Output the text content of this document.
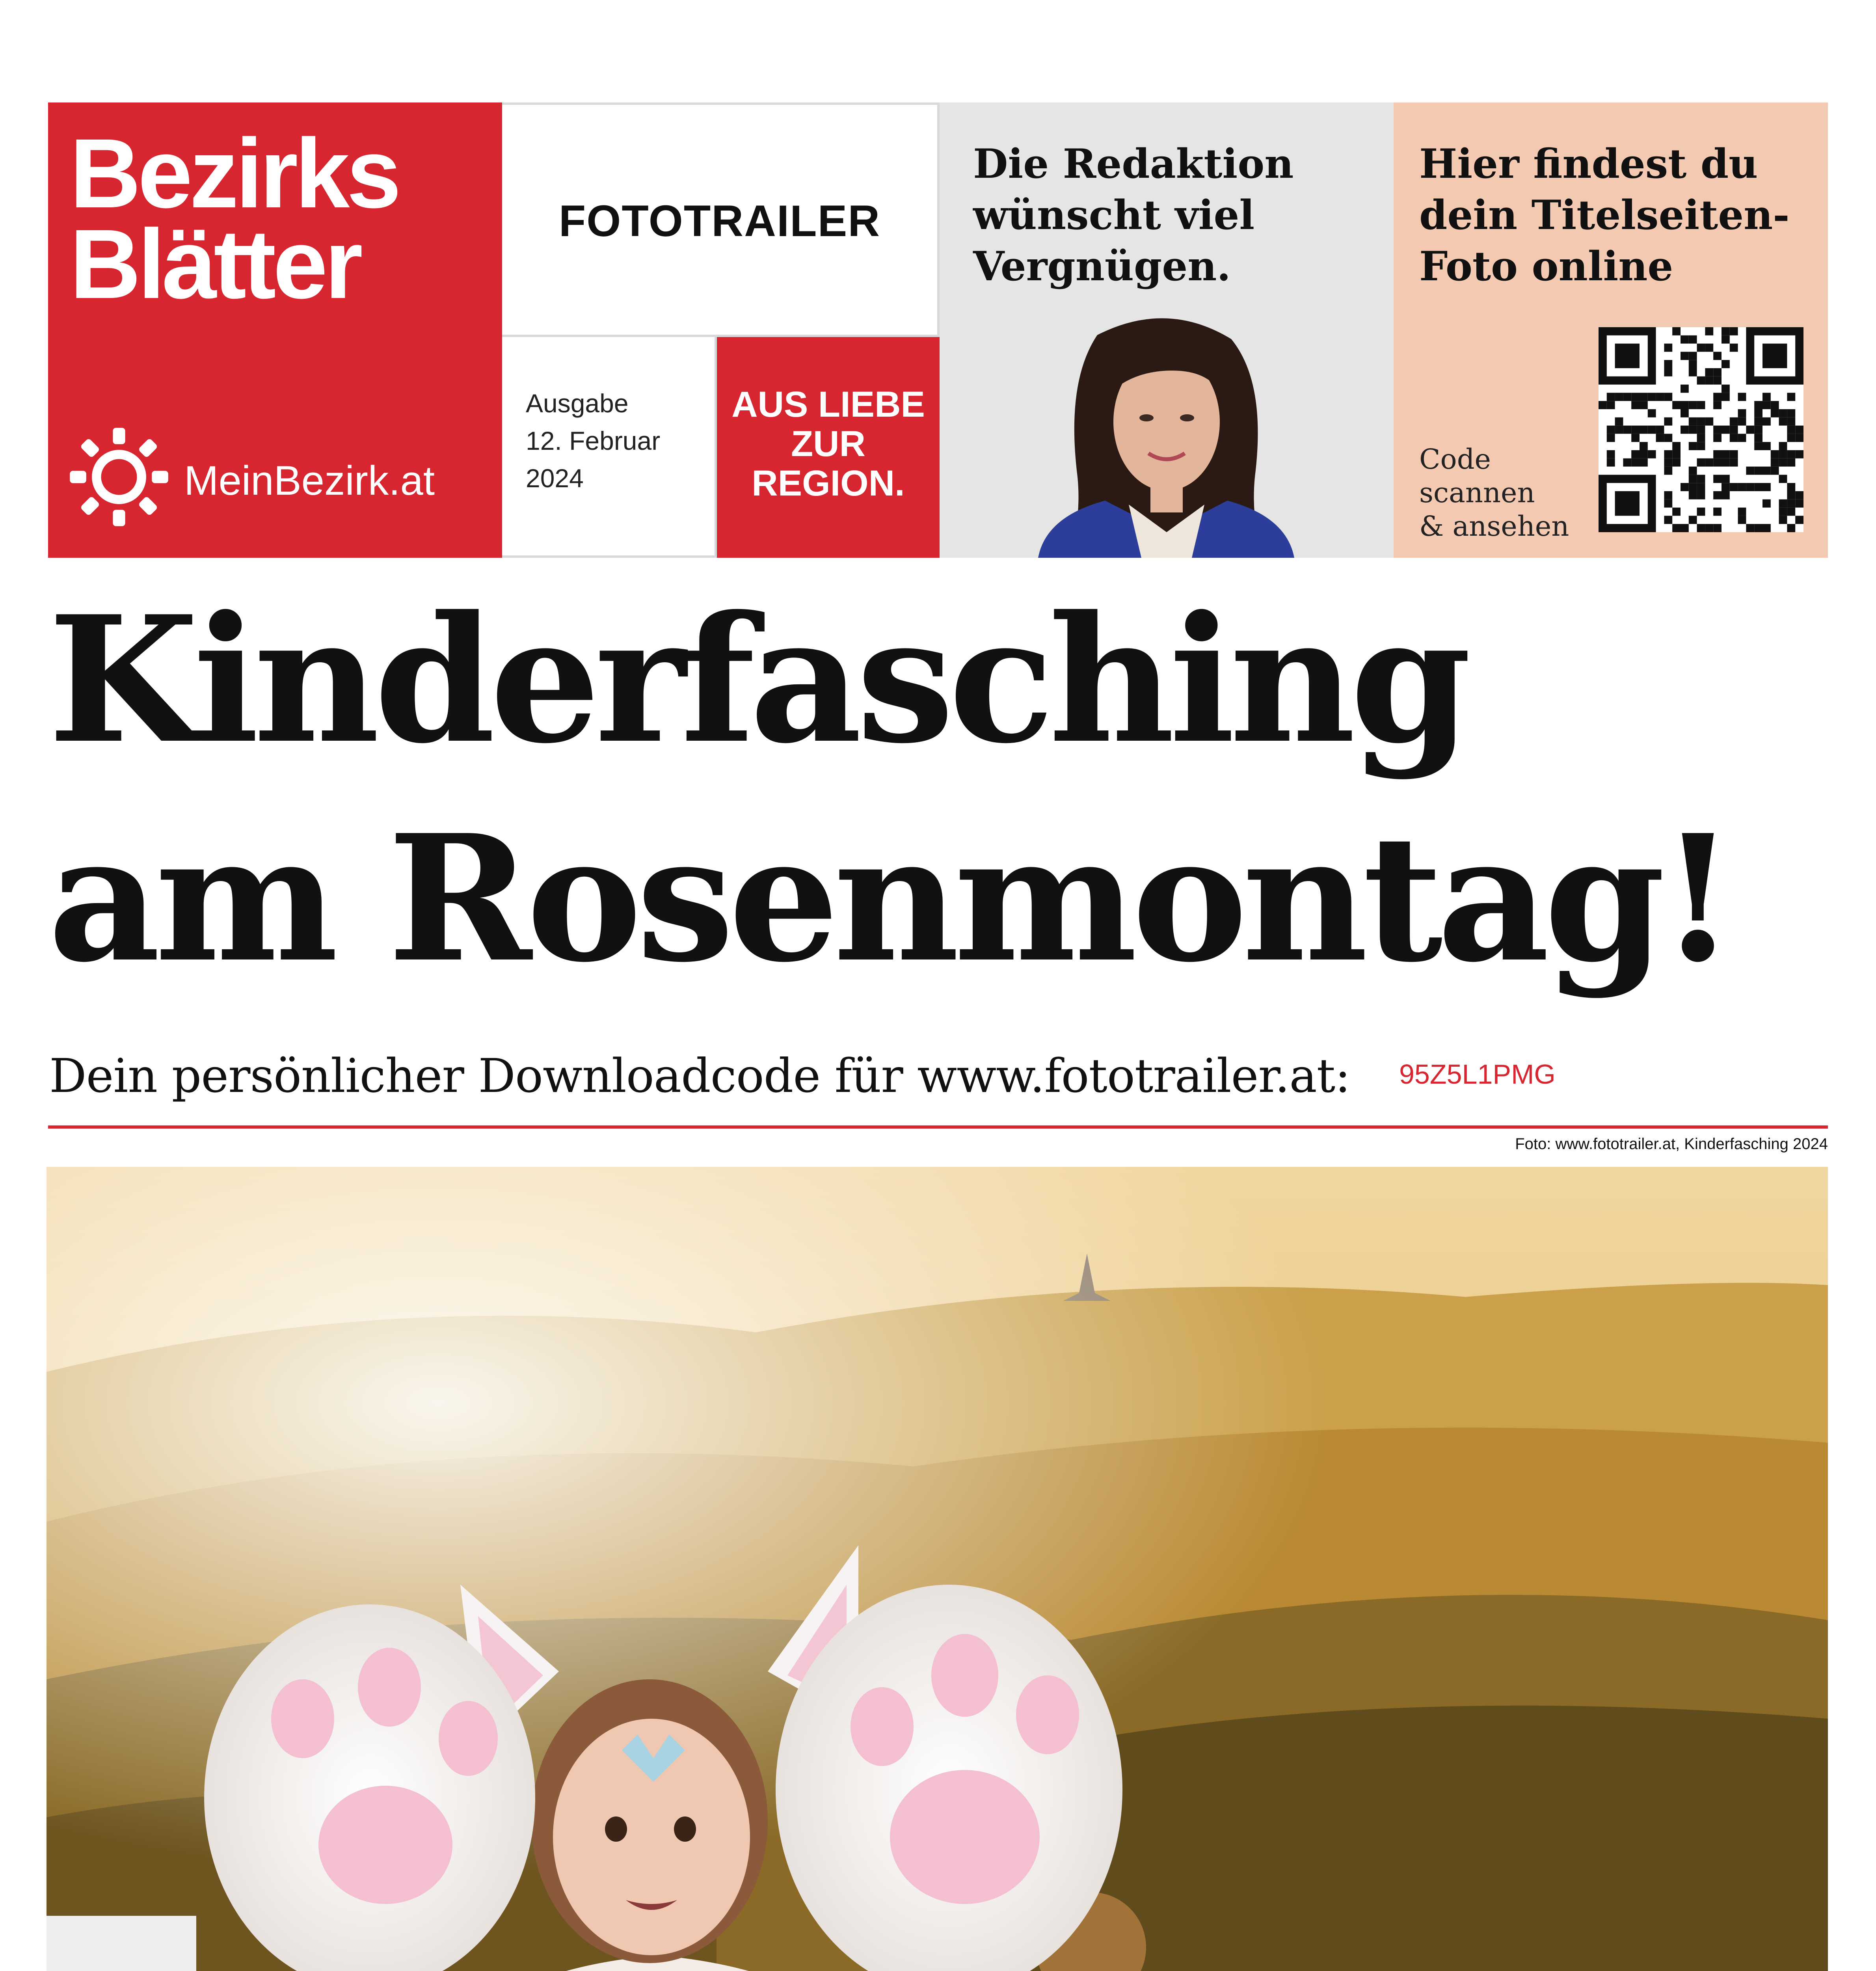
Bezirks
Blätter
MeinBezirk.at
FOTOTRAILER
Ausgabe
12. Februar
2024
AUS LIEBE
ZUR
REGION.
Die Redaktion
wünscht viel
Vergnügen.
Hier findest du
dein Titelseiten-
Foto online
Code
scannen
& ansehen
Kinderfasching
am Rosenmontag!
Dein persönlicher Downloadcode für www.fototrailer.at: 95Z5L1PMG
Foto: www.fototrailer.at, Kinderfasching 2024
